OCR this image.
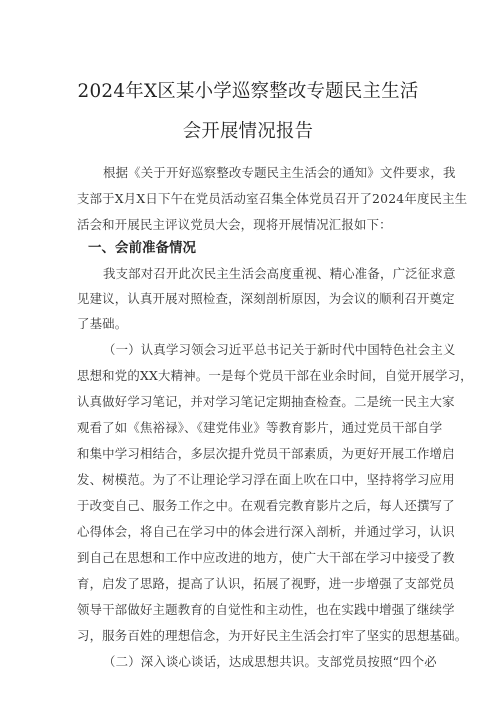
2024年X区某小学巡察整改专题民主生活
会开展情况报告
根据《关于开好巡察整改专题民主生活会的通知》文件要求，我
支部于X月X日下午在党员活动室召集全体党员召开了2024年度民主生
活会和开展民主评议党员大会，现将开展情况汇报如下：
一、会前准备情况
我支部对召开此次民主生活会高度重视、精心准备，广泛征求意
见建议，认真开展对照检查，深刻剖析原因，为会议的顺利召开奠定
了基础。
（一）认真学习领会习近平总书记关于新时代中国特色社会主义
思想和党的XX大精神。一是每个党员干部在业余时间，自觉开展学习，
认真做好学习笔记，并对学习笔记定期抽查检查。二是统一民主大家
观看了如《焦裕禄》、《建党伟业》等教育影片，通过党员干部自学
和集中学习相结合，多层次提升党员干部素质，为更好开展工作增启
发、树模范。为了不让理论学习浮在面上吹在口中，坚持将学习应用
于改变自己、服务工作之中。在观看完教育影片之后，每人还撰写了
心得体会，将自己在学习中的体会进行深入剖析，并通过学习，认识
到自己在思想和工作中应改进的地方，使广大干部在学习中接受了教
育，启发了思路，提高了认识，拓展了视野，进一步增强了支部党员
领导干部做好主题教育的自觉性和主动性，也在实践中增强了继续学
习，服务百姓的理想信念，为开好民主生活会打牢了坚实的思想基础。
（二）深入谈心谈话，达成思想共识。支部党员按照“四个必
